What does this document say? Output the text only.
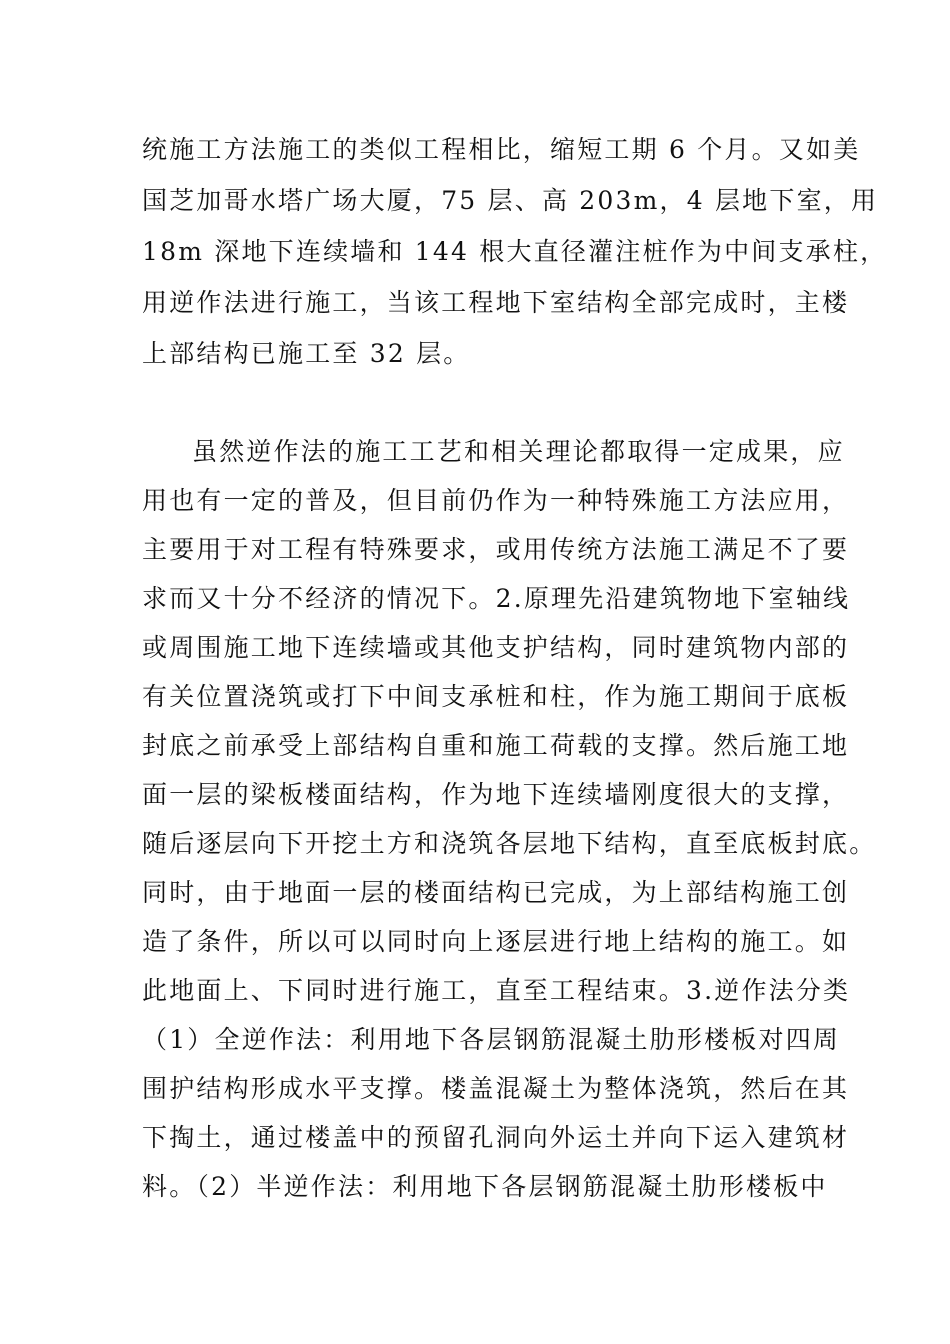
统施工方法施工的类似工程相比，缩短工期 6 个月。又如美
国芝加哥水塔广场大厦，75 层、高 203m，4 层地下室，用
18m 深地下连续墙和 144 根大直径灌注桩作为中间支承柱，
用逆作法进行施工，当该工程地下室结构全部完成时，主楼
上部结构已施工至 32 层。
虽然逆作法的施工工艺和相关理论都取得一定成果，应
用也有一定的普及，但目前仍作为一种特殊施工方法应用，
主要用于对工程有特殊要求，或用传统方法施工满足不了要
求而又十分不经济的情况下。2.原理先沿建筑物地下室轴线
或周围施工地下连续墙或其他支护结构，同时建筑物内部的
有关位置浇筑或打下中间支承桩和柱，作为施工期间于底板
封底之前承受上部结构自重和施工荷载的支撑。然后施工地
面一层的梁板楼面结构，作为地下连续墙刚度很大的支撑，
随后逐层向下开挖土方和浇筑各层地下结构，直至底板封底。
同时，由于地面一层的楼面结构已完成，为上部结构施工创
造了条件，所以可以同时向上逐层进行地上结构的施工。如
此地面上、下同时进行施工，直至工程结束。3.逆作法分类
（1）全逆作法：利用地下各层钢筋混凝土肋形楼板对四周
围护结构形成水平支撑。楼盖混凝土为整体浇筑，然后在其
下掏土，通过楼盖中的预留孔洞向外运土并向下运入建筑材
料。（2）半逆作法：利用地下各层钢筋混凝土肋形楼板中
